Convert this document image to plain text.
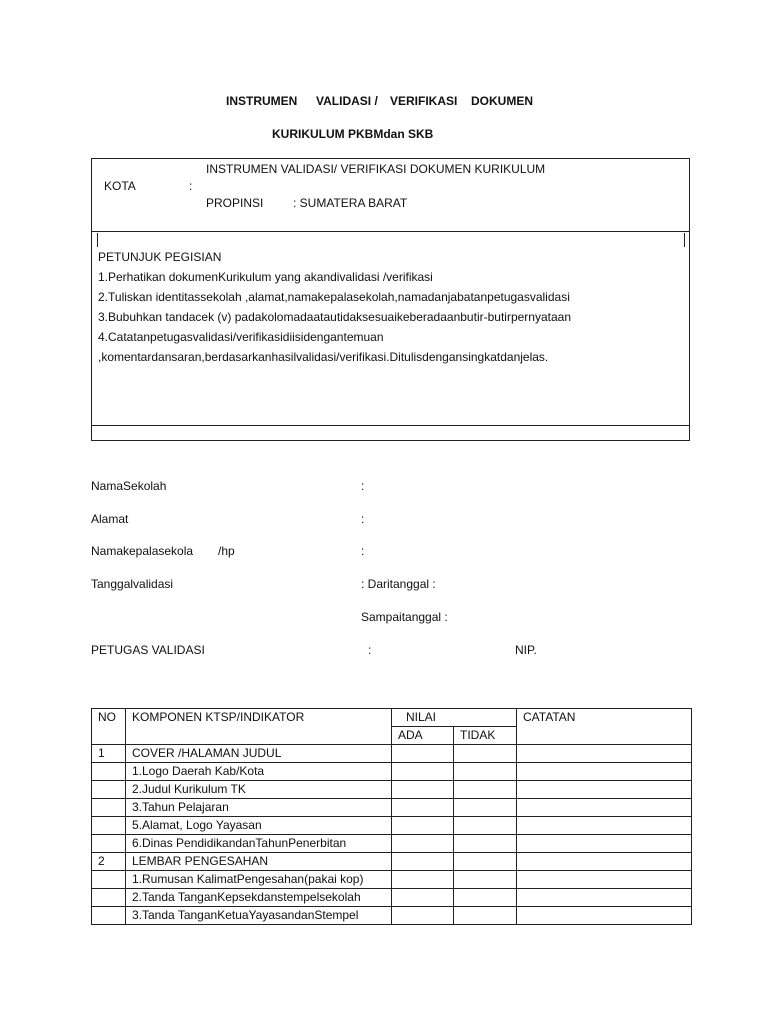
INSTRUMEN VALIDASI / VERIFIKASI DOKUMEN
KURIKULUM PKBMdan SKB
INSTRUMEN VALIDASI/ VERIFIKASI DOKUMEN KURIKULUM
KOTA	:
PROPINSI : SUMATERA BARAT
PETUNJUK PEGISIAN
1.Perhatikan dokumenKurikulum yang akandivalidasi /verifikasi
2.Tuliskan identitassekolah ,alamat,namakepalasekolah,namadanjabatanpetugasvalidasi
3.Bubuhkan tandacek (v) padakolomadaatautidaksesuaikeberadaanbutir-butirpernyataan
4.Catatanpetugasvalidasi/verifikasidiisidengantemuan
,komentardansaran,berdasarkanhasilvalidasi/verifikasi.Ditulisdengansingkatdanjelas.
NamaSekolah	:
Alamat	:
Namakepalasekola /hp	:
Tanggalvalidasi	: Daritanggal :
Sampaitanggal :
PETUGAS VALIDASI	:	NIP.
NO	KOMPONEN KTSP/INDIKATOR	NILAI		CATATAN
		ADA	TIDAK	
1	COVER /HALAMAN JUDUL			
	1.Logo Daerah Kab/Kota			
	2.Judul Kurikulum TK			
	3.Tahun Pelajaran			
	5.Alamat, Logo Yayasan			
	6.Dinas PendidikandanTahunPenerbitan			
2	LEMBAR PENGESAHAN			
	1.Rumusan KalimatPengesahan(pakai kop)			
	2.Tanda TanganKepsekdanstempelsekolah			
	3.Tanda TanganKetuaYayasandanStempel			
